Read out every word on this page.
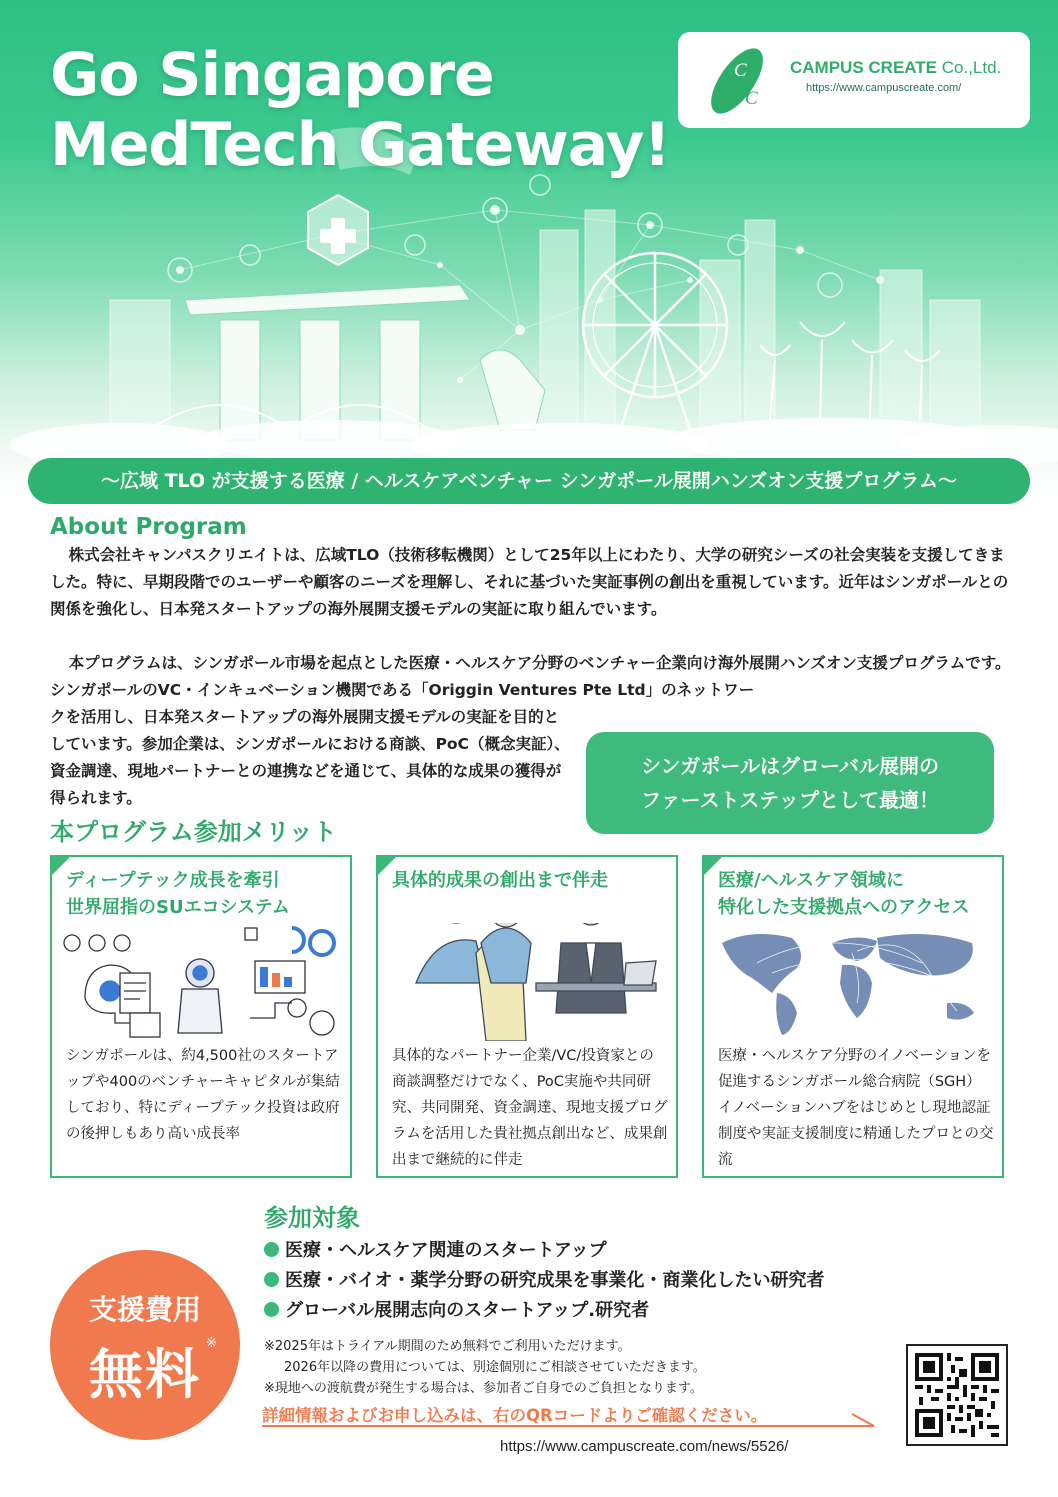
Go Singapore
MedTech Gateway!
C
C C
CAMPUS CREATE Co.,Ltd.
https://www.campuscreate.com/
～広域 TLO が支援する医療 / ヘルスケアベンチャー シンガポール展開ハンズオン支援プログラム～
About Program
株式会社キャンパスクリエイトは、広域TLO（技術移転機関）として25年以上にわたり、大学の研究シーズの社会実装を支援してきました。特に、早期段階でのユーザーや顧客のニーズを理解し、それに基づいた実証事例の創出を重視しています。近年はシンガポールとの関係を強化し、日本発スタートアップの海外展開支援モデルの実証に取り組んでいます。
本プログラムは、シンガポール市場を起点とした医療・ヘルスケア分野のベンチャー企業向け海外展開ハンズオン支援プログラムです。シンガポールのVC・インキュベーション機関である「Origgin Ventures Pte Ltd」のネットワー
クを活用し、日本発スタートアップの海外展開支援モデルの実証を目的としています。参加企業は、シンガポールにおける商談、PoC（概念実証）、資金調達、現地パートナーとの連携などを通じて、具体的な成果の獲得が得られます。
シンガポールはグローバル展開の
ファーストステップとして最適！
本プログラム参加メリット
ディープテック成長を牽引
世界屈指のSUエコシステム
シンガポールは、約4,500社のスタートアップや400のベンチャーキャピタルが集結しており、特にディープテック投資は政府の後押しもあり高い成長率
具体的成果の創出まで伴走
具体的なパートナー企業/VC/投資家との商談調整だけでなく、PoC実施や共同研究、共同開発、資金調達、現地支援プログラムを活用した貴社拠点創出など、成果創出まで継続的に伴走
医療/ヘルスケア領域に
特化した支援拠点へのアクセス
医療・ヘルスケア分野のイノベーションを促進するシンガポール総合病院（SGH）イノベーションハブをはじめとし現地認証制度や実証支援制度に精通したプロとの交流
参加対象
医療・ヘルスケア関連のスタートアップ
医療・バイオ・薬学分野の研究成果を事業化・商業化したい研究者
グローバル展開志向のスタートアップ.研究者
支援費用
無料 ※	※2025年はトライアル期間のため無料でご利用いただけます。
2026年以降の費用については、別途個別にご相談させていただきます。
※現地への渡航費が発生する場合は、参加者ご自身でのご負担となります。
詳細情報およびお申し込みは、右のQRコードよりご確認ください。
https://www.campuscreate.com/news/5526/
